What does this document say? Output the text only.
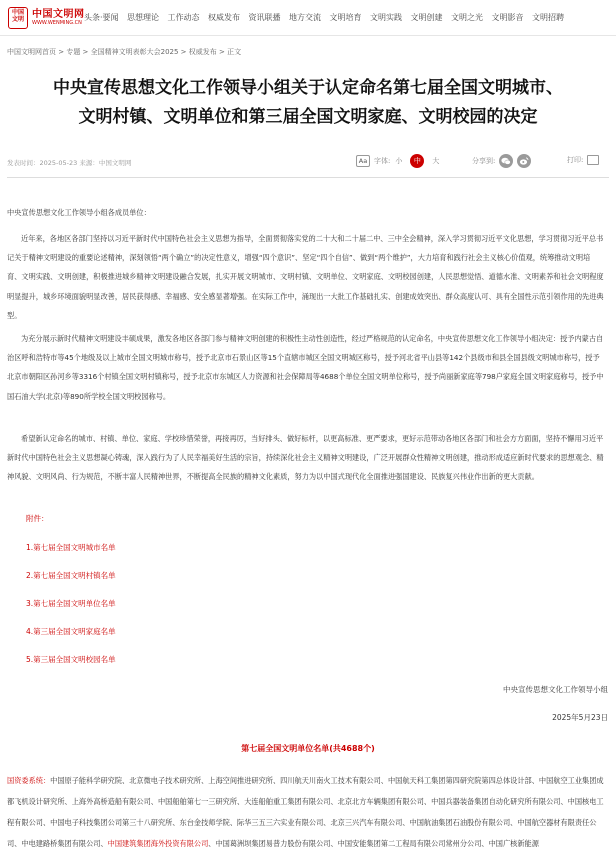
中国
文明 中国文明网
WWW.WENMING.CN
头条·要闻 思想理论 工作动态 权威发布 资讯联播 地方交流 文明培育 文明实践 文明创建 文明之光 文明影音 文明招聘
中国文明网首页 > 专题 > 全国精神文明表彰大会2025 > 权威发布 > 正文
中央宣传思想文化工作领导小组关于认定命名第七届全国文明城市、
文明村镇、文明单位和第三届全国文明家庭、文明校园的决定
发表时间：2025-05-23 来源：中国文明网	Aa 字体: 小	中	大	分享到:	打印:
中央宣传思想文化工作领导小组各成员单位：
近年来，各地区各部门坚持以习近平新时代中国特色社会主义思想为指导，全面贯彻落实党的二十大和二十届二中、三中全会精神，深入学习贯彻习近平文化思想，学习贯彻习近平总书记关于精神文明建设的重要论述精神，深刻领悟“两个确立”的决定性意义，增强“四个意识”、坚定“四个自信”、做到“两个维护”，大力培育和践行社会主义核心价值观，统筹推动文明培育、文明实践、文明创建，积极推进城乡精神文明建设融合发展，扎实开展文明城市、文明村镇、文明单位、文明家庭、文明校园创建，人民思想觉悟、道德水准、文明素养和社会文明程度明显提升，城乡环境面貌明显改善，居民获得感、幸福感、安全感显著增强。在实际工作中，涌现出一大批工作基础扎实、创建成效突出、群众高度认可、具有全国性示范引领作用的先进典型。
为充分展示新时代精神文明建设丰硕成果，激发各地区各部门参与精神文明创建的积极性主动性创造性，经过严格规范的认定命名，中央宣传思想文化工作领导小组决定：授予内蒙古自治区呼和浩特市等45个地级及以上城市全国文明城市称号，授予北京市石景山区等15个直辖市城区全国文明城区称号，授予河北省平山县等142个县级市和县全国县级文明城市称号，授予北京市朝阳区孙河乡等3316个村镇全国文明村镇称号，授予北京市东城区人力资源和社会保障局等4688个单位全国文明单位称号，授予尚丽新家庭等798户家庭全国文明家庭称号，授予中国石油大学(北京)等890所学校全国文明校园称号。
希望新认定命名的城市、村镇、单位、家庭、学校珍惜荣誉，再接再厉，当好排头、做好标杆，以更高标准、更严要求，更好示范带动各地区各部门和社会方方面面，坚持不懈用习近平新时代中国特色社会主义思想凝心铸魂，深入践行为了人民幸福美好生活的宗旨，持续深化社会主义精神文明建设，广泛开展群众性精神文明创建，推动形成适应新时代要求的思想观念、精神风貌、文明风尚、行为规范，不断丰富人民精神世界，不断提高全民族的精神文化素质，努力为以中国式现代化全面推进强国建设、民族复兴伟业作出新的更大贡献。
附件：
1.第七届全国文明城市名单
2.第七届全国文明村镇名单
3.第七届全国文明单位名单
4.第三届全国文明家庭名单
5.第三届全国文明校园名单
中央宣传思想文化工作领导小组
2025年5月23日
第七届全国文明单位名单(共4688个)
国资委系统：中国原子能科学研究院、北京微电子技术研究所、上海空间推进研究所、四川航天川南火工技术有限公司、中国航天科工集团第四研究院第四总体设计部、中国航空工业集团成都飞机设计研究所、上海外高桥造船有限公司、中国船舶第七一三研究所、大连船舶重工集团有限公司、北京北方车辆集团有限公司、中国兵器装备集团自动化研究所有限公司、中国核电工程有限公司、中国电子科技集团公司第三十八研究所、东台金技师学院、际华三五三六实业有限公司、北京三兴汽车有限公司、中国航油集团石油股份有限公司、中国航空器材有限责任公司、中电建路桥集团有限公司、中国建筑集团海外投资有限公司、中国葛洲坝集团易普力股份有限公司、中国安能集团第二工程局有限公司常州分公司、中国广核新能源
